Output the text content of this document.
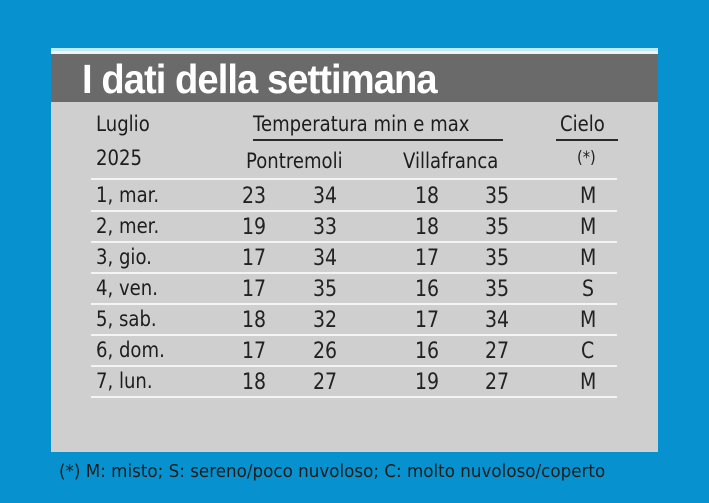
I dati della settimana
Luglio	Temperatura min e max	Cielo
2025	Pontremoli	Villafranca	(*)
1, mar.	23 34	18 35	M
2, mer.	19 33	18 35	M
3, gio.	17 34	17 35	M
4, ven.	17 35	16 35	S
5, sab.	18 32	17 34	M
6, dom.	17 26	16 27	C
7, lun.	18 27	19 27	M
(*) M: misto; S: sereno/poco nuvoloso; C: molto nuvoloso/coperto
